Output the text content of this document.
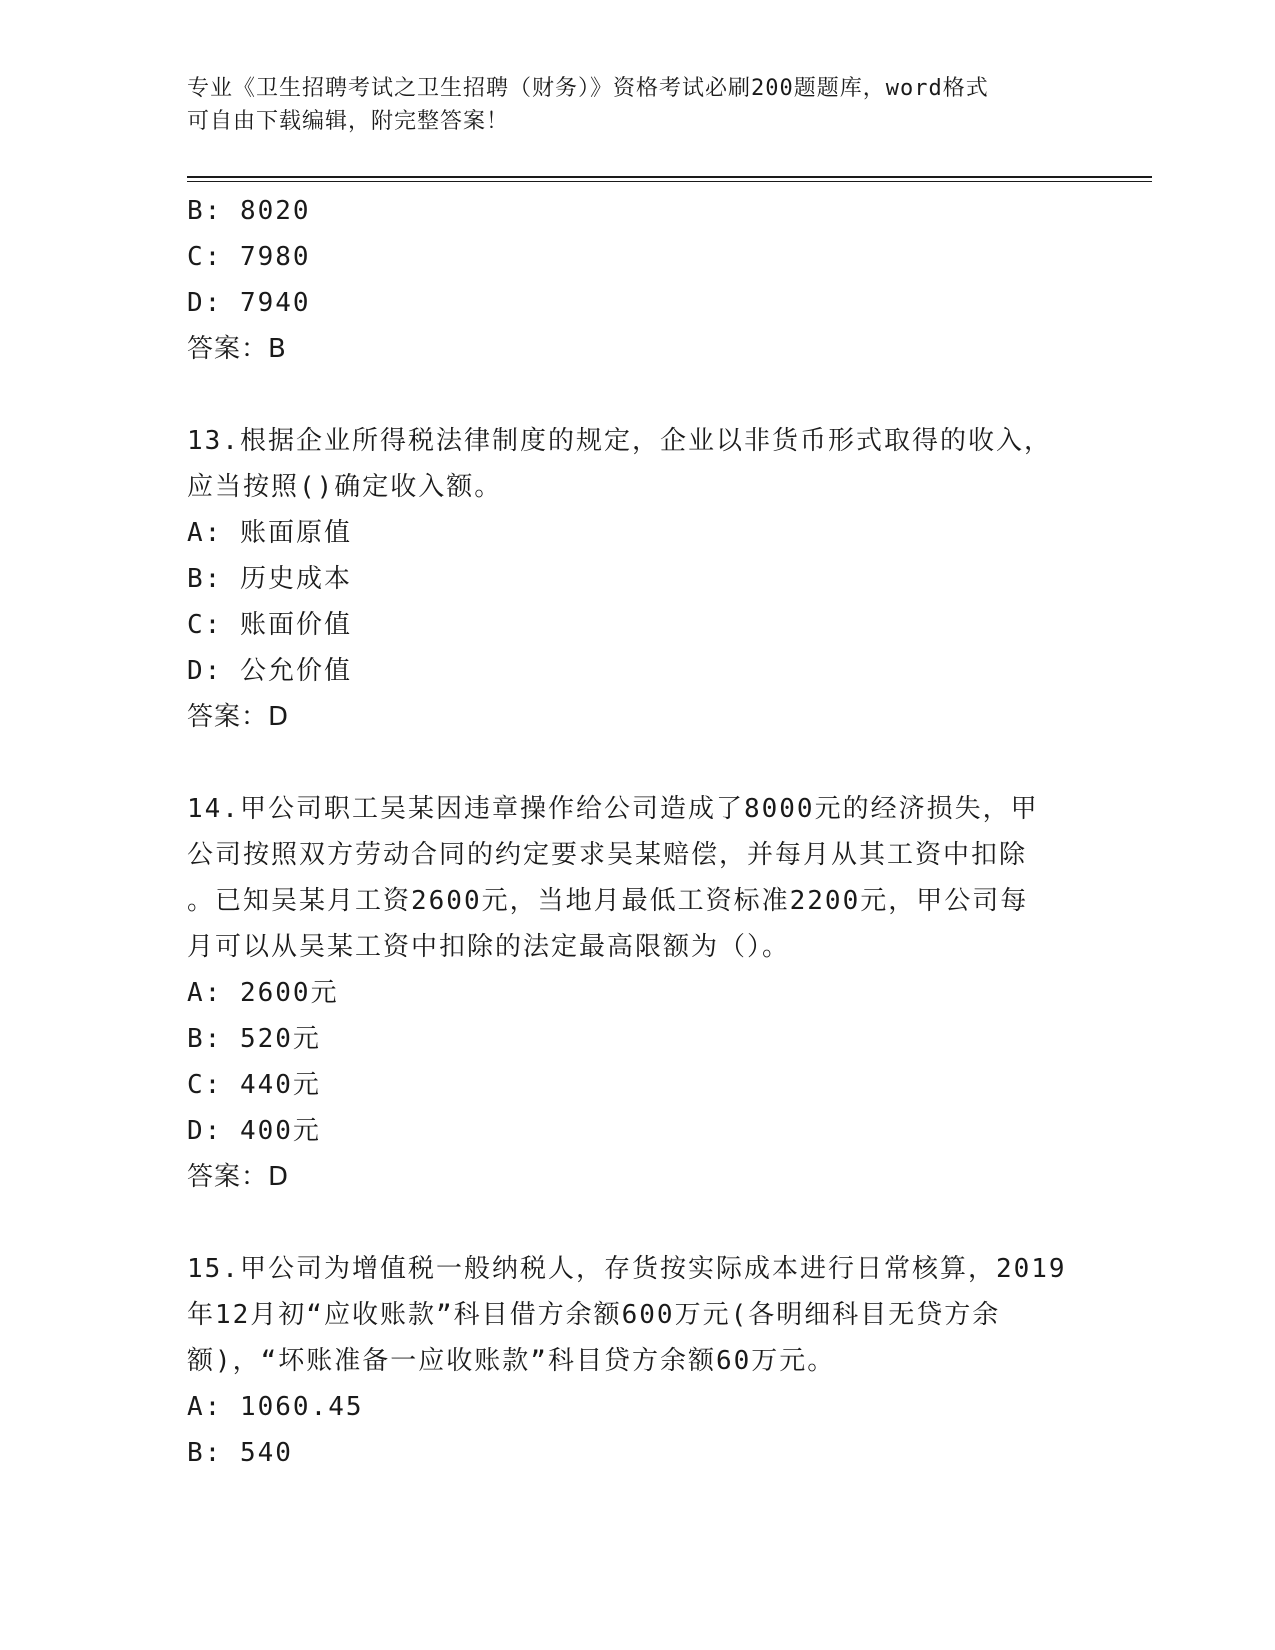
专业《卫生招聘考试之卫生招聘（财务）》资格考试必刷200题题库，word格式
可自由下载编辑，附完整答案！
B: 8020
C: 7980
D: 7940
答案：B
13.根据企业所得税法律制度的规定，企业以非货币形式取得的收入，
应当按照()确定收入额。
A: 账面原值
B: 历史成本
C: 账面价值
D: 公允价值
答案：D
14.甲公司职工吴某因违章操作给公司造成了8000元的经济损失，甲
公司按照双方劳动合同的约定要求吴某赔偿，并每月从其工资中扣除
。已知吴某月工资2600元，当地月最低工资标准2200元，甲公司每
月可以从吴某工资中扣除的法定最高限额为（）。
A: 2600元
B: 520元
C: 440元
D: 400元
答案：D
15.甲公司为增值税一般纳税人，存货按实际成本进行日常核算，2019
年12月初“应收账款”科目借方余额600万元(各明细科目无贷方余
额)，“坏账准备一应收账款”科目贷方余额60万元。
A: 1060.45
B: 540
